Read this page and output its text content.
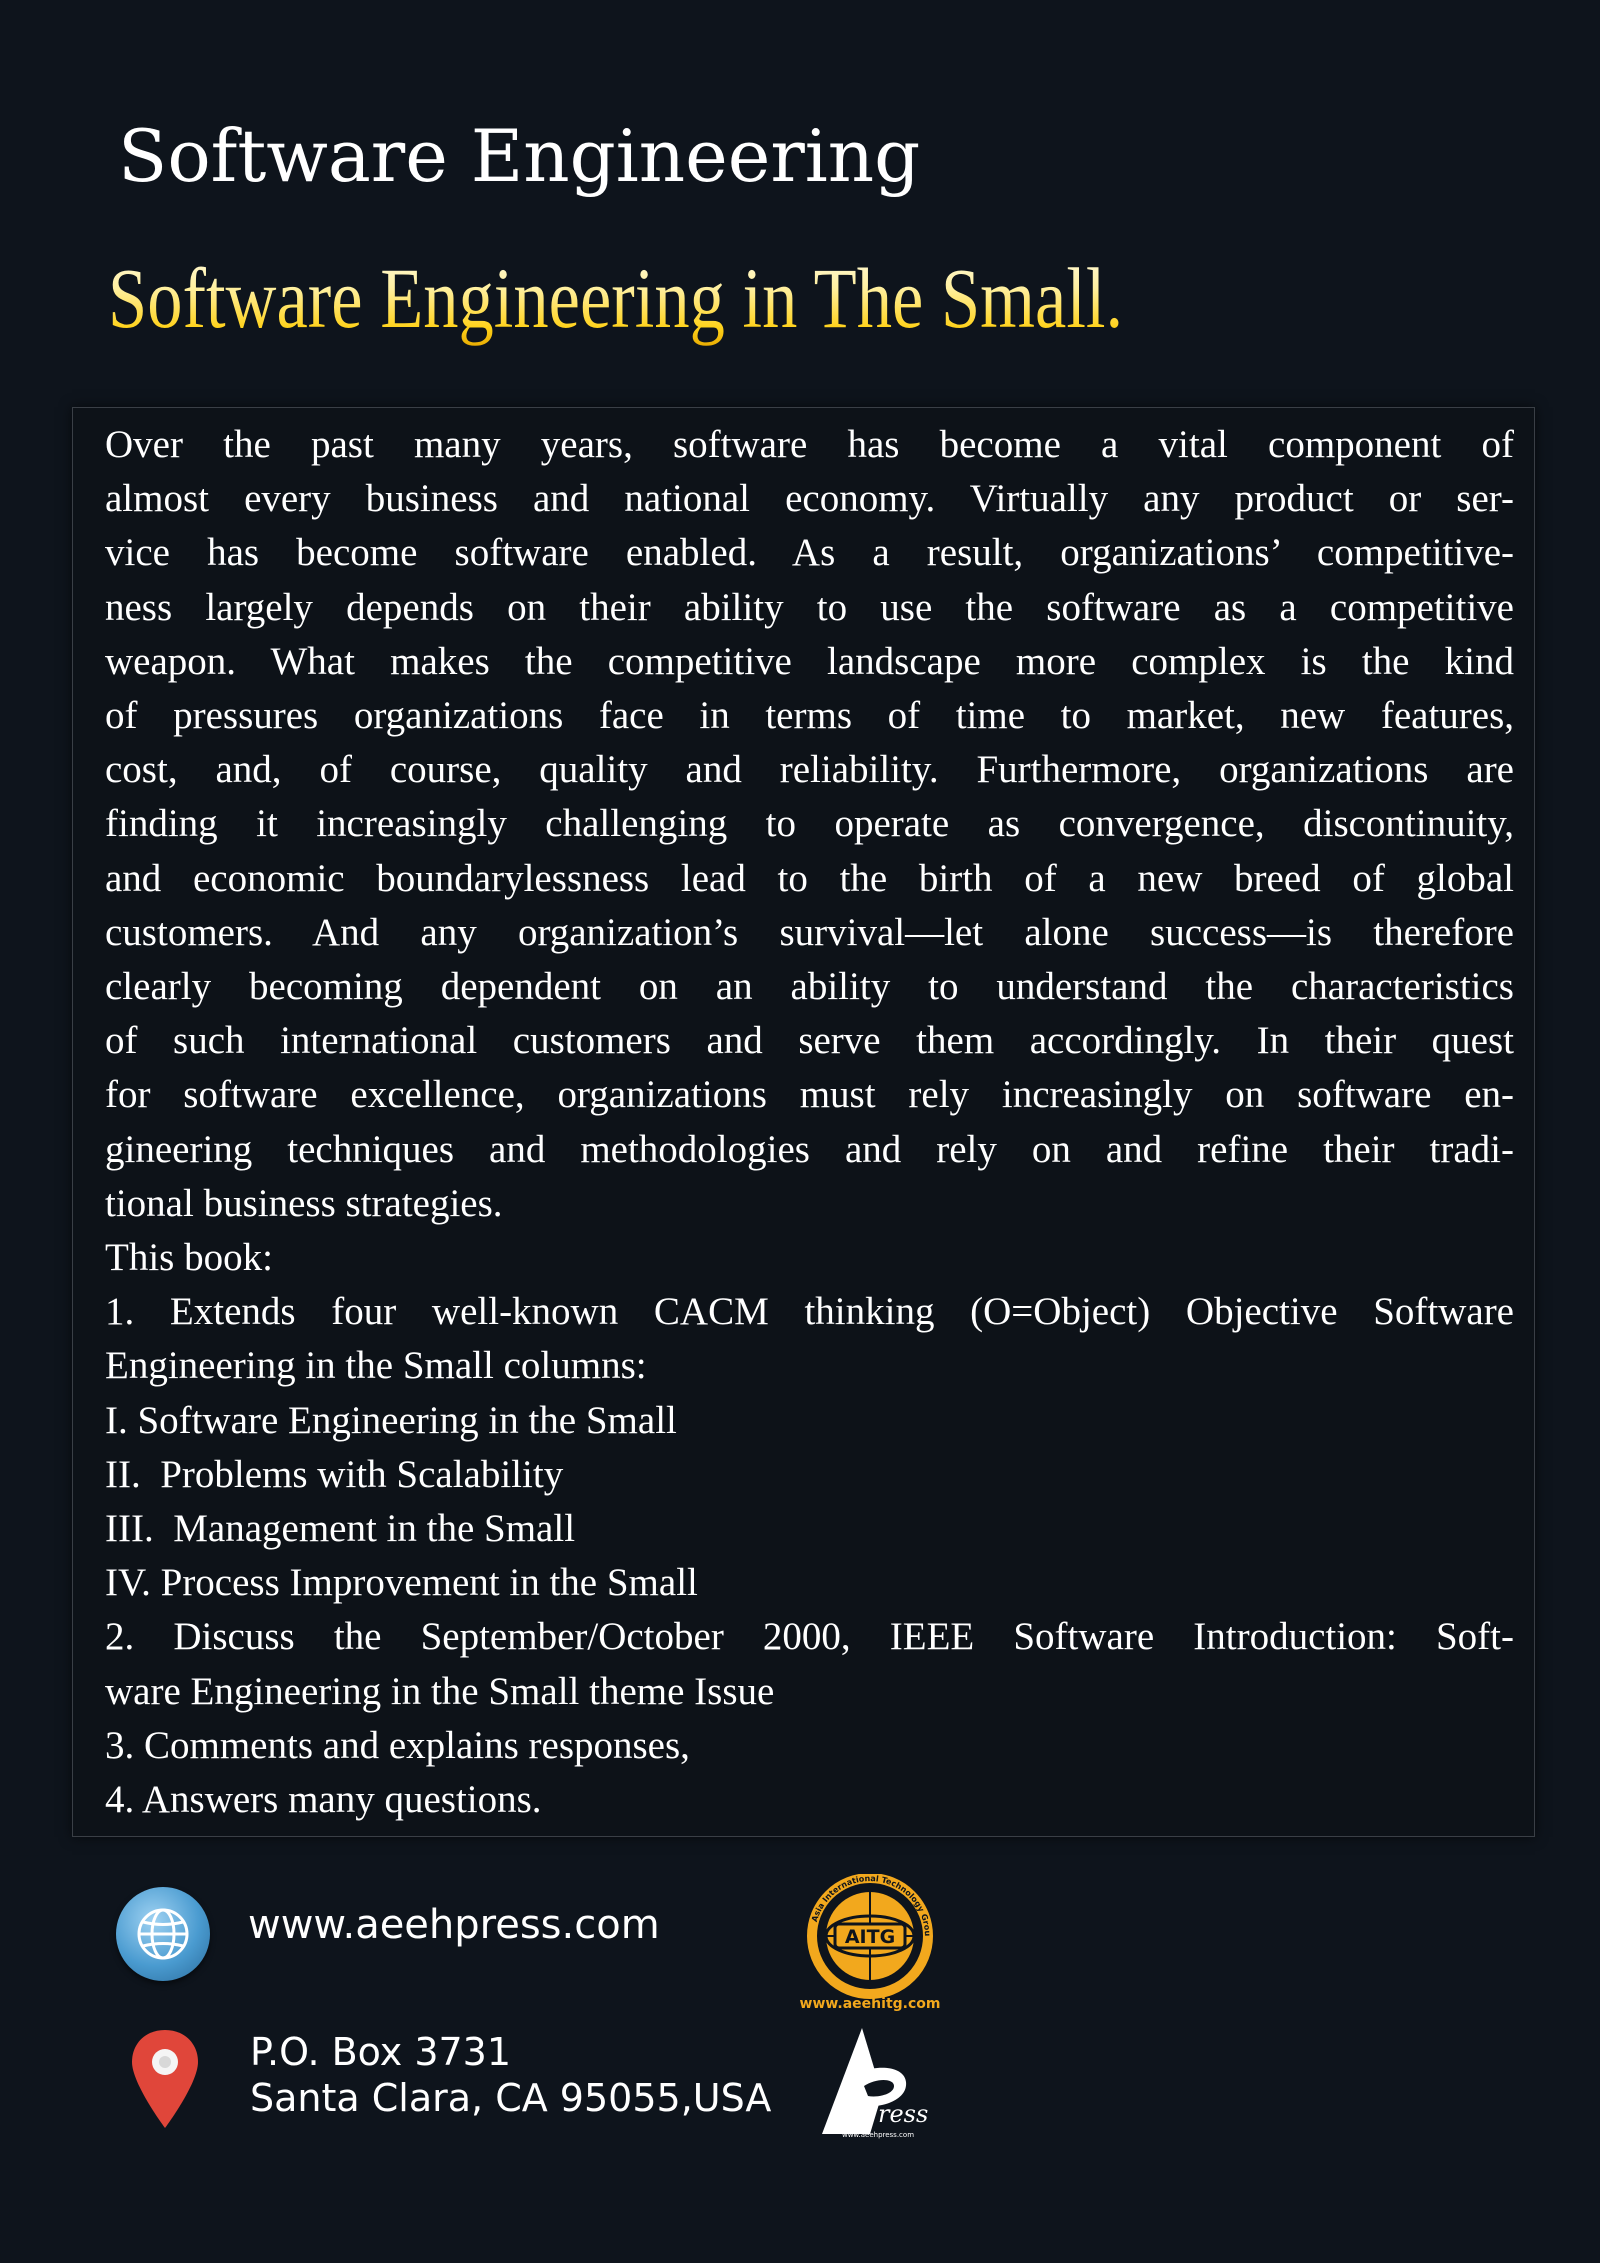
Software Engineering
Software Engineering in The Small.

Over the past many years, software has become a vital component of
almost every business and national economy. Virtually any product or ser-
vice has become software enabled. As a result, organizations’ competitive-
ness largely depends on their ability to use the software as a competitive
weapon. What makes the competitive landscape more complex is the kind
of pressures organizations face in terms of time to market, new features,
cost, and, of course, quality and reliability. Furthermore, organizations are
finding it increasingly challenging to operate as convergence, discontinuity,
and economic boundarylessness lead to the birth of a new breed of global
customers. And any organization’s survival—let alone success—is therefore
clearly becoming dependent on an ability to understand the characteristics
of such international customers and serve them accordingly. In their quest
for software excellence, organizations must rely increasingly on software en-
gineering techniques and methodologies and rely on and refine their tradi-
tional business strategies.
This book:
1. Extends four well-known CACM thinking (O=Object) Objective Software
Engineering in the Small columns:
I. Software Engineering in the Small
II.  Problems with Scalability
III.  Management in the Small
IV. Process Improvement in the Small
2. Discuss the September/October 2000, IEEE Software Introduction: Soft-
ware Engineering in the Small theme Issue
3. Comments and explains responses,
4. Answers many questions.

www.aeehpress.com
P.O. Box 3731
Santa Clara, CA 95055,USA
AITG
Asia International Technology Grou
www.aeehitg.com
ress
www.aeehpress.com
